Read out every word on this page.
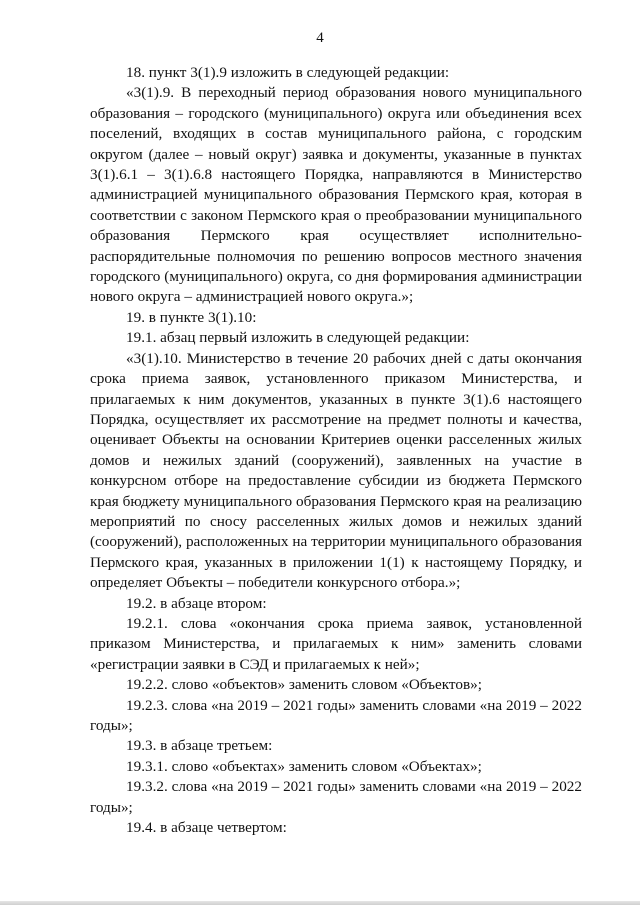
4

18. пункт 3(1).9 изложить в следующей редакции:

«3(1).9. В переходный период образования нового муниципального образования – городского (муниципального) округа или объединения всех поселений, входящих в состав муниципального района, с городским округом (далее – новый округ) заявка и документы, указанные в пунктах 3(1).6.1 – 3(1).6.8 настоящего Порядка, направляются в Министерство администрацией муниципального образования Пермского края, которая в соответствии с законом Пермского края о преобразовании муниципального образования Пермского края осуществляет исполнительно-распорядительные полномочия по решению вопросов местного значения городского (муниципального) округа, со дня формирования администрации нового округа – администрацией нового округа.»;

19. в пункте 3(1).10:

19.1. абзац первый изложить в следующей редакции:

«3(1).10. Министерство в течение 20 рабочих дней с даты окончания срока приема заявок, установленного приказом Министерства, и прилагаемых к ним документов, указанных в пункте 3(1).6 настоящего Порядка, осуществляет их рассмотрение на предмет полноты и качества, оценивает Объекты на основании Критериев оценки расселенных жилых домов и нежилых зданий (сооружений), заявленных на участие в конкурсном отборе на предоставление субсидии из бюджета Пермского края бюджету муниципального образования Пермского края на реализацию мероприятий по сносу расселенных жилых домов и нежилых зданий (сооружений), расположенных на территории муниципального образования Пермского края, указанных в приложении 1(1) к настоящему Порядку, и определяет Объекты – победители конкурсного отбора.»;

19.2. в абзаце втором:

19.2.1. слова «окончания срока приема заявок, установленной приказом Министерства, и прилагаемых к ним» заменить словами «регистрации заявки в СЭД и прилагаемых к ней»;

19.2.2. слово «объектов» заменить словом «Объектов»;

19.2.3. слова «на 2019 – 2021 годы» заменить словами «на 2019 – 2022 годы»;

19.3. в абзаце третьем:

19.3.1. слово «объектах» заменить словом «Объектах»;

19.3.2. слова «на 2019 – 2021 годы» заменить словами «на 2019 – 2022 годы»;

19.4. в абзаце четвертом:
